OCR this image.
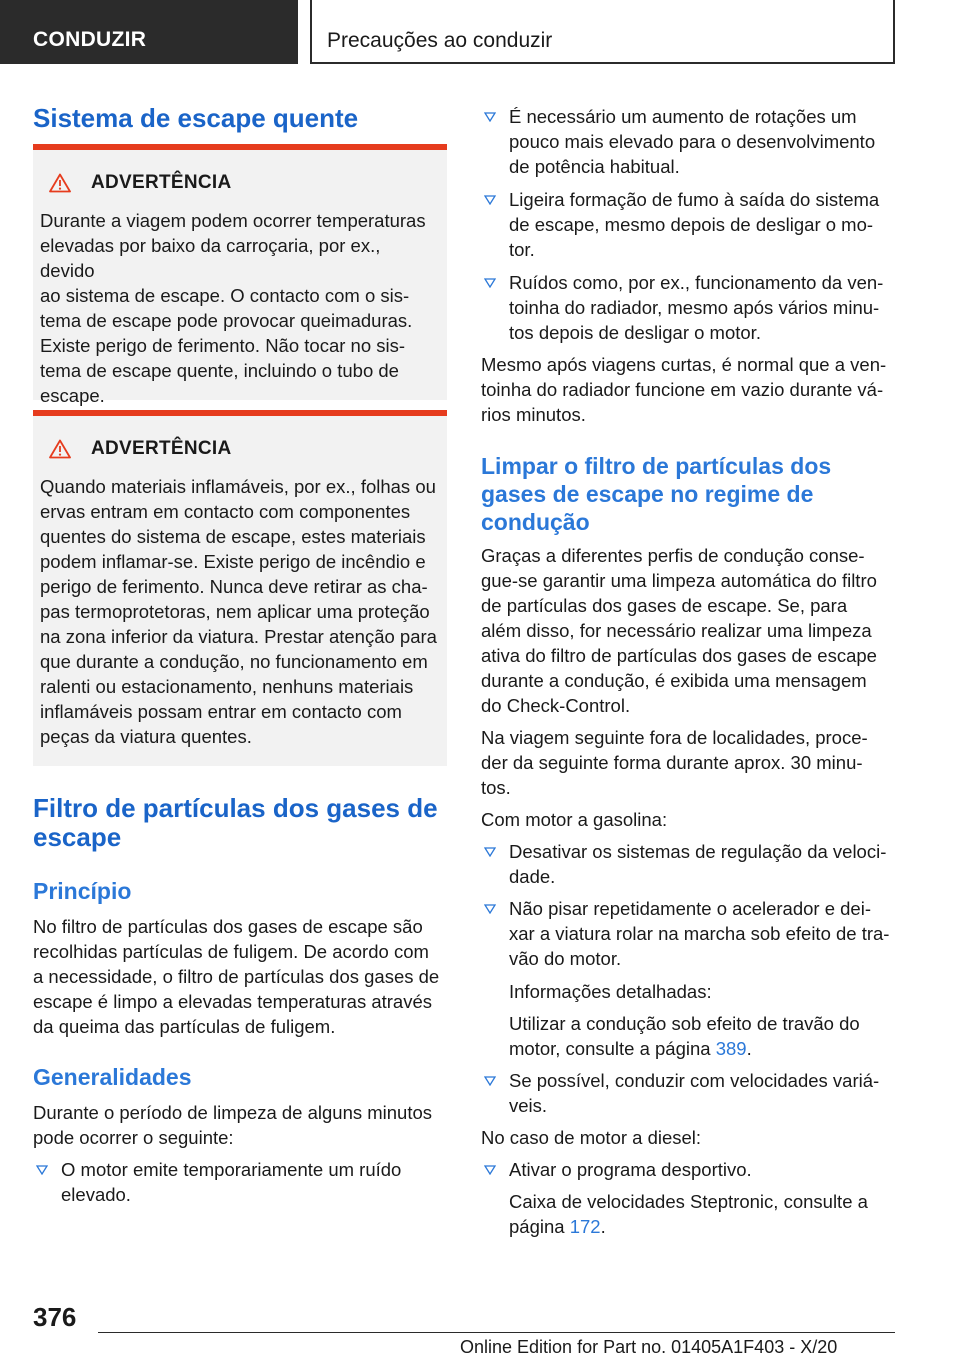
CONDUZIR	Precauções ao conduzir
Sistema de escape quente
ADVERTÊNCIA
Durante a viagem podem ocorrer temperaturas
elevadas por baixo da carroçaria, por ex., devido
ao sistema de escape. O contacto com o sis-
tema de escape pode provocar queimaduras.
Existe perigo de ferimento. Não tocar no sis-
tema de escape quente, incluindo o tubo de
escape.
ADVERTÊNCIA
Quando materiais inflamáveis, por ex., folhas ou
ervas entram em contacto com componentes
quentes do sistema de escape, estes materiais
podem inflamar-se. Existe perigo de incêndio e
perigo de ferimento. Nunca deve retirar as cha-
pas termoprotetoras, nem aplicar uma proteção
na zona inferior da viatura. Prestar atenção para
que durante a condução, no funcionamento em
ralenti ou estacionamento, nenhuns materiais
inflamáveis possam entrar em contacto com
peças da viatura quentes.
Filtro de partículas dos gases de
escape
Princípio
No filtro de partículas dos gases de escape são
recolhidas partículas de fuligem. De acordo com
a necessidade, o filtro de partículas dos gases de
escape é limpo a elevadas temperaturas através
da queima das partículas de fuligem.
Generalidades
Durante o período de limpeza de alguns minutos
pode ocorrer o seguinte:
O motor emite temporariamente um ruído
elevado.
É necessário um aumento de rotações um
pouco mais elevado para o desenvolvimento
de potência habitual.
Ligeira formação de fumo à saída do sistema
de escape, mesmo depois de desligar o mo-
tor.
Ruídos como, por ex., funcionamento da ven-
toinha do radiador, mesmo após vários minu-
tos depois de desligar o motor.
Mesmo após viagens curtas, é normal que a ven-
toinha do radiador funcione em vazio durante vá-
rios minutos.
Limpar o filtro de partículas dos
gases de escape no regime de
condução
Graças a diferentes perfis de condução conse-
gue-se garantir uma limpeza automática do filtro
de partículas dos gases de escape. Se, para
além disso, for necessário realizar uma limpeza
ativa do filtro de partículas dos gases de escape
durante a condução, é exibida uma mensagem
do Check-Control.
Na viagem seguinte fora de localidades, proce-
der da seguinte forma durante aprox. 30 minu-
tos.
Com motor a gasolina:
Desativar os sistemas de regulação da veloci-
dade.
Não pisar repetidamente o acelerador e dei-
xar a viatura rolar na marcha sob efeito de tra-
vão do motor.
Informações detalhadas:
Utilizar a condução sob efeito de travão do
motor, consulte a página 389.
Se possível, conduzir com velocidades variá-
veis.
No caso de motor a diesel:
Ativar o programa desportivo.
Caixa de velocidades Steptronic, consulte a
página 172.
376
Online Edition for Part no. 01405A1F403 - X/20
